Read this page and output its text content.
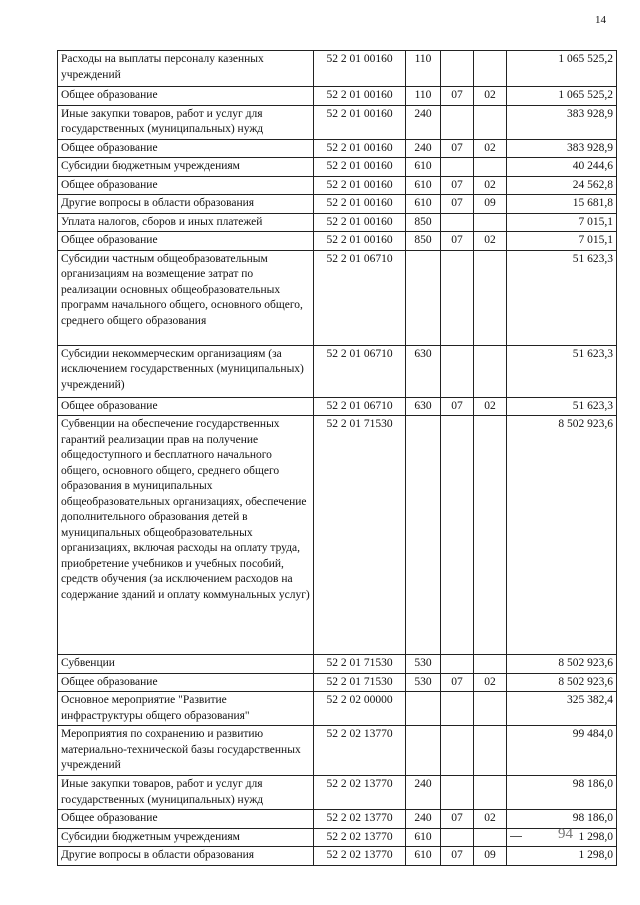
14
Расходы на выплаты персоналу казенных учреждений	52 2 01 00160	110			1 065 525,2
Общее образование	52 2 01 00160	110	07	02	1 065 525,2
Иные закупки товаров, работ и услуг для государственных (муниципальных) нужд	52 2 01 00160	240			383 928,9
Общее образование	52 2 01 00160	240	07	02	383 928,9
Субсидии бюджетным учреждениям	52 2 01 00160	610			40 244,6
Общее образование	52 2 01 00160	610	07	02	24 562,8
Другие вопросы в области образования	52 2 01 00160	610	07	09	15 681,8
Уплата налогов, сборов и иных платежей	52 2 01 00160	850			7 015,1
Общее образование	52 2 01 00160	850	07	02	7 015,1
Субсидии частным общеобразовательным организациям на возмещение затрат по реализации основных общеобразовательных программ начального общего, основного общего, среднего общего образования	52 2 01 06710				51 623,3
Субсидии некоммерческим организациям (за исключением государственных (муниципальных) учреждений)	52 2 01 06710	630			51 623,3
Общее образование	52 2 01 06710	630	07	02	51 623,3
Субвенции на обеспечение государственных гарантий реализации прав на получение общедоступного и бесплатного начального общего, основного общего, среднего общего образования в муниципальных общеобразовательных организациях, обеспечение дополнительного образования детей в муниципальных общеобразовательных организациях, включая расходы на оплату труда, приобретение учебников и учебных пособий, средств обучения (за исключением расходов на содержание зданий и оплату коммунальных услуг)	52 2 01 71530				8 502 923,6
Субвенции	52 2 01 71530	530			8 502 923,6
Общее образование	52 2 01 71530	530	07	02	8 502 923,6
Основное мероприятие "Развитие инфраструктуры общего образования"	52 2 02 00000				325 382,4
Мероприятия по сохранению и развитию материально-технической базы государственных учреждений	52 2 02 13770				99 484,0
Иные закупки товаров, работ и услуг для государственных (муниципальных) нужд	52 2 02 13770	240			98 186,0
Общее образование	52 2 02 13770	240	07	02	98 186,0
Субсидии бюджетным учреждениям	52 2 02 13770	610			1 298,0
Другие вопросы в области образования	52 2 02 13770	610	07	09	1 298,0
94
